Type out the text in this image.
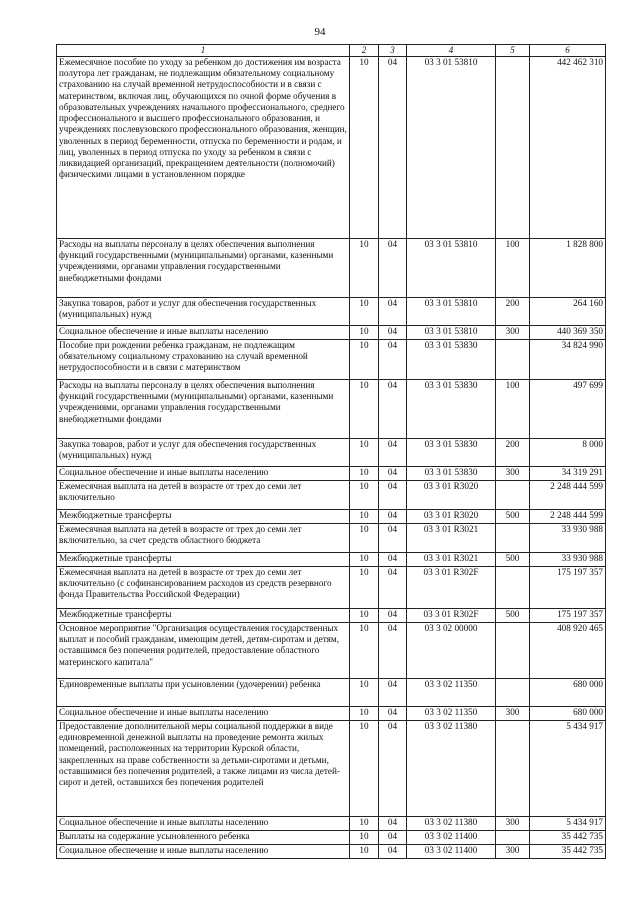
94
1	2	3	4	5	6
Ежемесячное пособие по уходу за ребенком до достижения им возраста полутора лет гражданам, не подлежащим обязательному социальному страхованию на случай временной нетрудоспособности и в связи с материнством, включая лиц, обучающихся по очной форме обучения в образовательных учреждениях начального профессионального, среднего профессионального и высшего профессионального образования, и учреждениях послевузовского профессионального образования, женщин, уволенных в период беременности, отпуска по беременности и родам, и лиц, уволенных в период отпуска по уходу за ребенком в связи с ликвидацией организаций, прекращением деятельности (полномочий) физическими лицами в установленном порядке	10	04	03 3 01 53810		442 462 310
Расходы на выплаты персоналу в целях обеспечения выполнения функций государственными (муниципальными) органами, казенными учреждениями, органами управления государственными внебюджетными фондами	10	04	03 3 01 53810	100	1 828 800
Закупка товаров, работ и услуг для обеспечения государственных (муниципальных) нужд	10	04	03 3 01 53810	200	264 160
Социальное обеспечение и иные выплаты населению	10	04	03 3 01 53810	300	440 369 350
Пособие при рождении ребенка гражданам, не подлежащим обязательному социальному страхованию на случай временной нетрудоспособности и в связи с материнством	10	04	03 3 01 53830		34 824 990
Расходы на выплаты персоналу в целях обеспечения выполнения функций государственными (муниципальными) органами, казенными учреждениями, органами управления государственными внебюджетными фондами	10	04	03 3 01 53830	100	497 699
Закупка товаров, работ и услуг для обеспечения государственных (муниципальных) нужд	10	04	03 3 01 53830	200	8 000
Социальное обеспечение и иные выплаты населению	10	04	03 3 01 53830	300	34 319 291
Ежемесячная выплата на детей в возрасте от трех до семи лет включительно	10	04	03 3 01 R3020		2 248 444 599
Межбюджетные трансферты	10	04	03 3 01 R3020	500	2 248 444 599
Ежемесячная выплата на детей в возрасте от трех до семи лет включительно, за счет средств областного бюджета	10	04	03 3 01 R3021		33 930 988
Межбюджетные трансферты	10	04	03 3 01 R3021	500	33 930 988
Ежемесячная выплата на детей в возрасте от трех до семи лет включительно (с софинансированием расходов из средств резервного фонда Правительства Российской Федерации)	10	04	03 3 01 R302F		175 197 357
Межбюджетные трансферты	10	04	03 3 01 R302F	500	175 197 357
Основное мероприятие "Организация осуществления государственных выплат и пособий гражданам, имеющим детей, детям-сиротам и детям, оставшимся без попечения родителей, предоставление областного материнского капитала"	10	04	03 3 02 00000		408 920 465
Единовременные выплаты при усыновлении (удочерении) ребенка	10	04	03 3 02 11350		680 000
Социальное обеспечение и иные выплаты населению	10	04	03 3 02 11350	300	680 000
Предоставление дополнительной меры социальной поддержки в виде единовременной денежной выплаты на проведение ремонта жилых помещений, расположенных на территории Курской области, закрепленных на праве собственности за детьми-сиротами и детьми, оставшимися без попечения родителей, а также лицами из числа детей-сирот и детей, оставшихся без попечения родителей	10	04	03 3 02 11380		5 434 917
Социальное обеспечение и иные выплаты населению	10	04	03 3 02 11380	300	5 434 917
Выплаты на содержание усыновленного ребенка	10	04	03 3 02 11400		35 442 735
Социальное обеспечение и иные выплаты населению	10	04	03 3 02 11400	300	35 442 735
